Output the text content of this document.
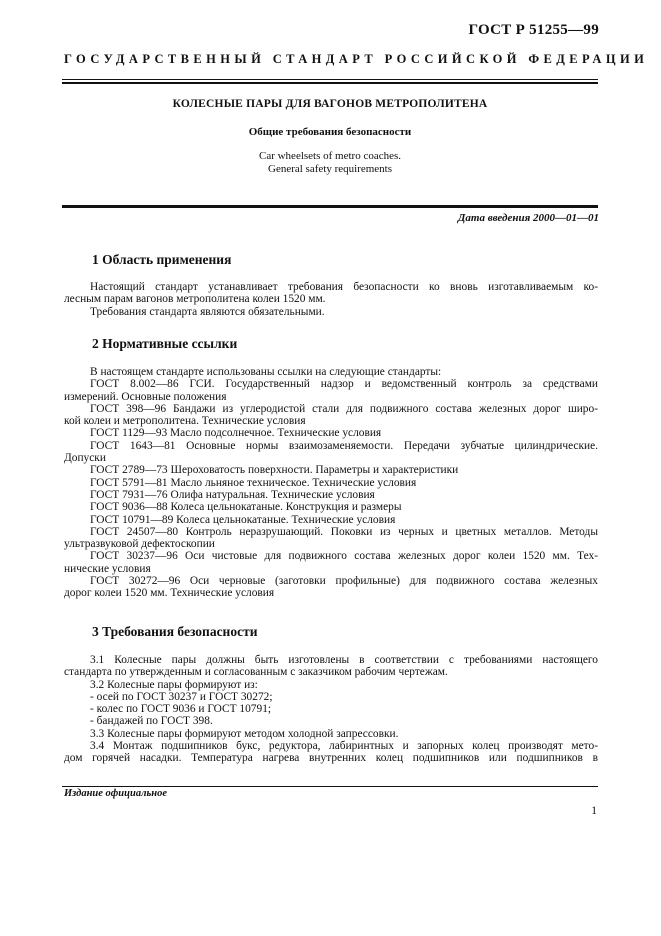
ГОСТ Р 51255—99
ГОСУДАРСТВЕННЫЙ СТАНДАРТ РОССИЙСКОЙ ФЕДЕРАЦИИ
КОЛЕСНЫЕ ПАРЫ ДЛЯ ВАГОНОВ МЕТРОПОЛИТЕНА
Общие требования безопасности
Car wheelsets of metro coaches.
General safety requirements
Дата введения 2000—01—01
1 Область применения
Настоящий стандарт устанавливает требования безопасности ко вновь изготавливаемым ко-
лесным парам вагонов метрополитена колеи 1520 мм.
Требования стандарта являются обязательными.
2 Нормативные ссылки
В настоящем стандарте использованы ссылки на следующие стандарты:
ГОСТ 8.002—86 ГСИ. Государственный надзор и ведомственный контроль за средствами
измерений. Основные положения
ГОСТ 398—96 Бандажи из углеродистой стали для подвижного состава железных дорог широ-
кой колеи и метрополитена. Технические условия
ГОСТ 1129—93 Масло подсолнечное. Технические условия
ГОСТ 1643—81 Основные нормы взаимозаменяемости. Передачи зубчатые цилиндрические.
Допуски
ГОСТ 2789—73 Шероховатость поверхности. Параметры и характеристики
ГОСТ 5791—81 Масло льняное техническое. Технические условия
ГОСТ 7931—76 Олифа натуральная. Технические условия
ГОСТ 9036—88 Колеса цельнокатаные. Конструкция и размеры
ГОСТ 10791—89 Колеса цельнокатаные. Технические условия
ГОСТ 24507—80 Контроль неразрушающий. Поковки из черных и цветных металлов. Методы
ультразвуковой дефектоскопии
ГОСТ 30237—96 Оси чистовые для подвижного состава железных дорог колеи 1520 мм. Тех-
нические условия
ГОСТ 30272—96 Оси черновые (заготовки профильные) для подвижного состава железных
дорог колеи 1520 мм. Технические условия
3 Требования безопасности
3.1 Колесные пары должны быть изготовлены в соответствии с требованиями настоящего
стандарта по утвержденным и согласованным с заказчиком рабочим чертежам.
3.2 Колесные пары формируют из:
- осей по ГОСТ 30237 и ГОСТ 30272;
- колес по ГОСТ 9036 и ГОСТ 10791;
- бандажей по ГОСТ 398.
3.3 Колесные пары формируют методом холодной запрессовки.
3.4 Монтаж подшипников букс, редуктора, лабиринтных и запорных колец производят мето-
дом горячей насадки. Температура нагрева внутренних колец подшипников или подшипников в
Издание официальное
1
